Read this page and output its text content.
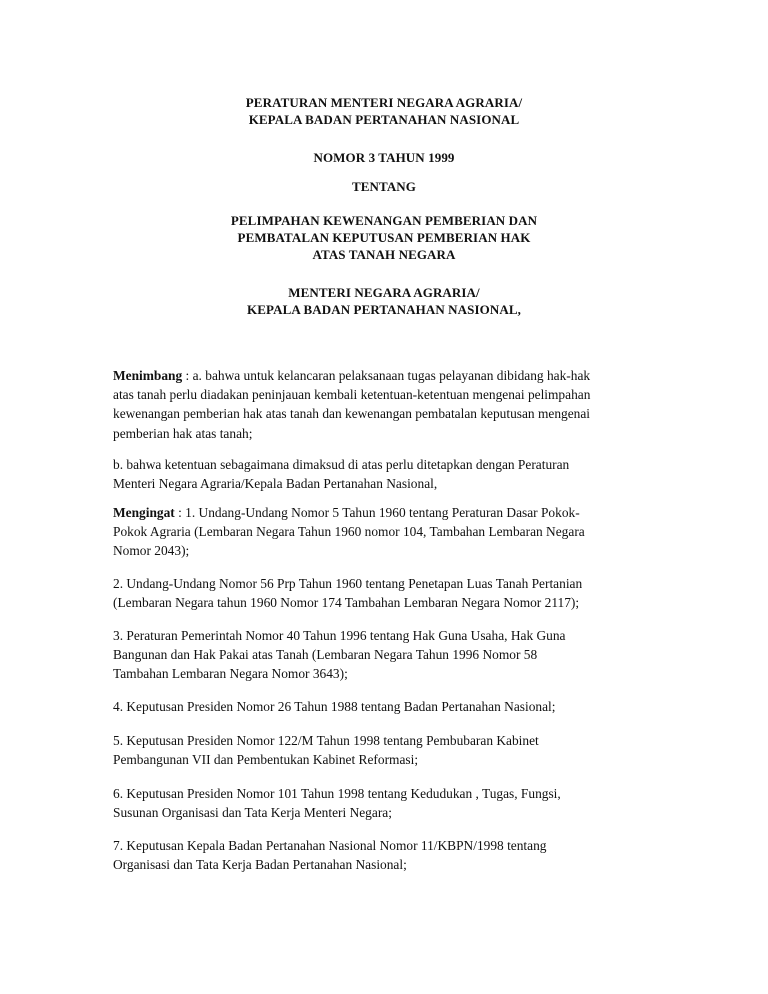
PERATURAN MENTERI NEGARA AGRARIA/
KEPALA BADAN PERTANAHAN NASIONAL
NOMOR 3 TAHUN 1999
TENTANG
PELIMPAHAN KEWENANGAN PEMBERIAN DAN
PEMBATALAN KEPUTUSAN PEMBERIAN HAK
ATAS TANAH NEGARA
MENTERI NEGARA AGRARIA/
KEPALA BADAN PERTANAHAN NASIONAL,
Menimbang : a. bahwa untuk kelancaran pelaksanaan tugas pelayanan dibidang hak-hak
atas tanah perlu diadakan peninjauan kembali ketentuan-ketentuan mengenai pelimpahan
kewenangan pemberian hak atas tanah dan kewenangan pembatalan keputusan mengenai
pemberian hak atas tanah;
b. bahwa ketentuan sebagaimana dimaksud di atas perlu ditetapkan dengan Peraturan
Menteri Negara Agraria/Kepala Badan Pertanahan Nasional,
Mengingat : 1. Undang-Undang Nomor 5 Tahun 1960 tentang Peraturan Dasar Pokok-
Pokok Agraria (Lembaran Negara Tahun 1960 nomor 104, Tambahan Lembaran Negara
Nomor 2043);
2. Undang-Undang Nomor 56 Prp Tahun 1960 tentang Penetapan Luas Tanah Pertanian
(Lembaran Negara tahun 1960 Nomor 174 Tambahan Lembaran Negara Nomor 2117);
3. Peraturan Pemerintah Nomor 40 Tahun 1996 tentang Hak Guna Usaha, Hak Guna
Bangunan dan Hak Pakai atas Tanah (Lembaran Negara Tahun 1996 Nomor 58
Tambahan Lembaran Negara Nomor 3643);
4. Keputusan Presiden Nomor 26 Tahun 1988 tentang Badan Pertanahan Nasional;
5. Keputusan Presiden Nomor 122/M Tahun 1998 tentang Pembubaran Kabinet
Pembangunan VII dan Pembentukan Kabinet Reformasi;
6. Keputusan Presiden Nomor 101 Tahun 1998 tentang Kedudukan , Tugas, Fungsi,
Susunan Organisasi dan Tata Kerja Menteri Negara;
7. Keputusan Kepala Badan Pertanahan Nasional Nomor 11/KBPN/1998 tentang
Organisasi dan Tata Kerja Badan Pertanahan Nasional;
